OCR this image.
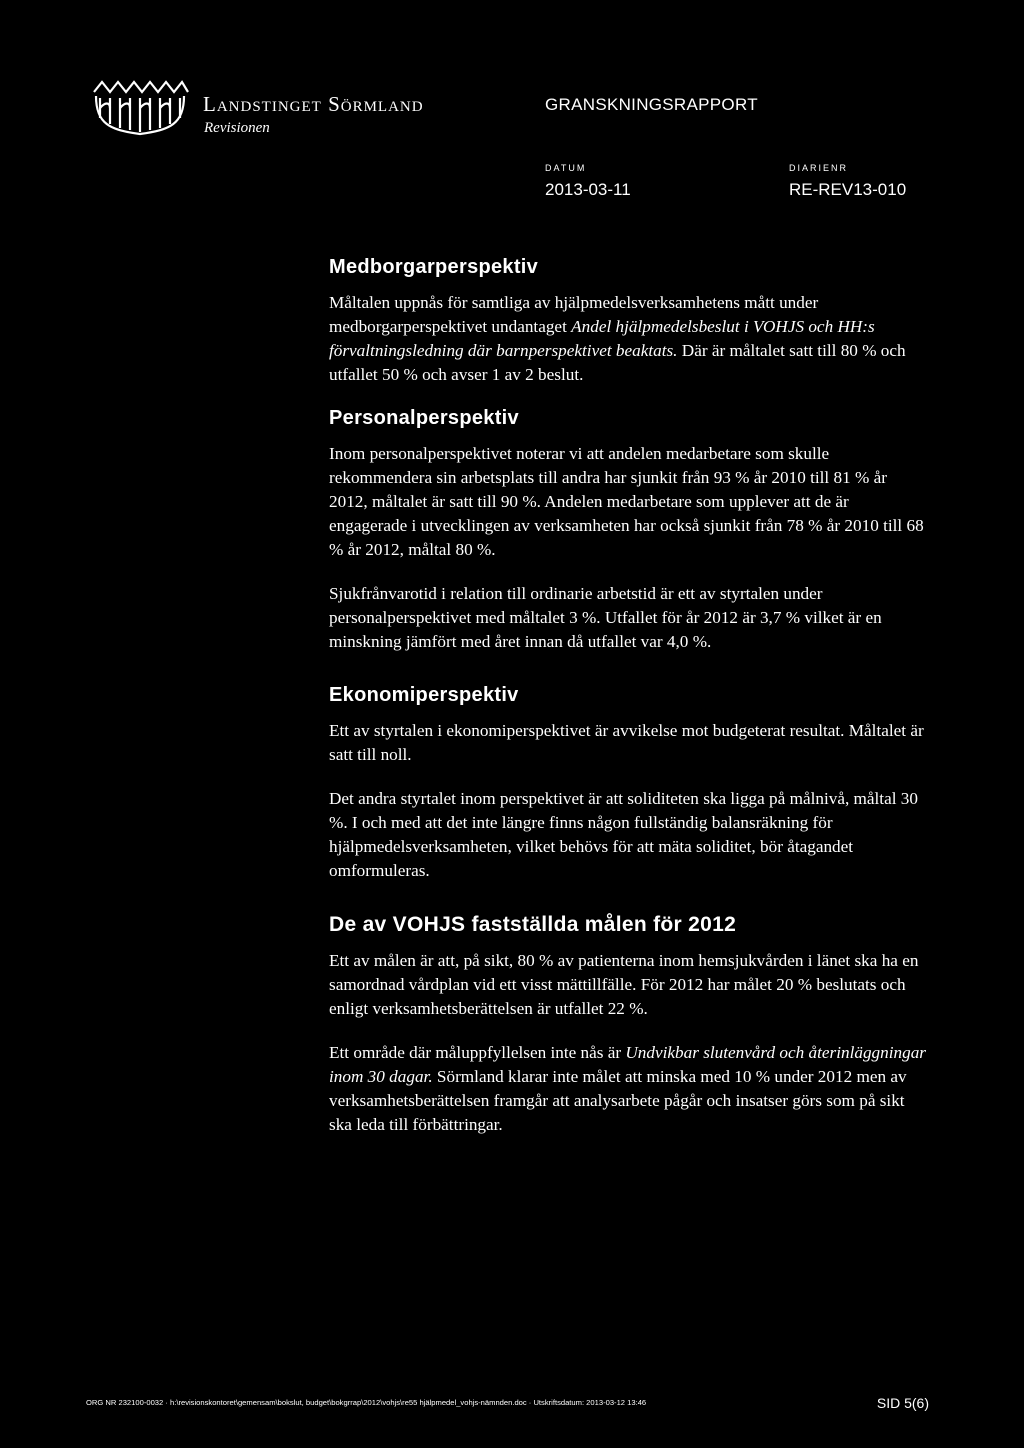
Landstinget Sörmland
Revisionen
GRANSKNINGSRAPPORT
DATUM
2013-03-11
DIARIENR
RE-REV13-010
Medborgarperspektiv

Måltalen uppnås för samtliga av hjälpmedelsverksamhetens mått under medborgarperspektivet undantaget Andel hjälpmedelsbeslut i VOHJS och HH:s förvaltningsledning där barnperspektivet beaktats. Där är måltalet satt till 80 % och utfallet 50 % och avser 1 av 2 beslut.

Personalperspektiv

Inom personalperspektivet noterar vi att andelen medarbetare som skulle rekommendera sin arbetsplats till andra har sjunkit från 93 % år 2010 till 81 % år 2012, måltalet är satt till 90 %. Andelen medarbetare som upplever att de är engagerade i utvecklingen av verksamheten har också sjunkit från 78 % år 2010 till 68 % år 2012, måltal 80 %.

Sjukfrånvarotid i relation till ordinarie arbetstid är ett av styrtalen under personalperspektivet med måltalet 3 %. Utfallet för år 2012 är 3,7 % vilket är en minskning jämfört med året innan då utfallet var 4,0 %.

Ekonomiperspektiv

Ett av styrtalen i ekonomiperspektivet är avvikelse mot budgeterat resultat. Måltalet är satt till noll.

Det andra styrtalet inom perspektivet är att soliditeten ska ligga på målnivå, måltal 30 %. I och med att det inte längre finns någon fullständig balansräkning för hjälpmedelsverksamheten, vilket behövs för att mäta soliditet, bör åtagandet omformuleras.

De av VOHJS fastställda målen för 2012

Ett av målen är att, på sikt, 80 % av patienterna inom hemsjukvården i länet ska ha en samordnad vårdplan vid ett visst mättillfälle. För 2012 har målet 20 % beslutats och enligt verksamhetsberättelsen är utfallet 22 %.

Ett område där måluppfyllelsen inte nås är Undvikbar slutenvård och återinläggningar inom 30 dagar. Sörmland klarar inte målet att minska med 10 % under 2012 men av verksamhetsberättelsen framgår att analysarbete pågår och insatser görs som på sikt ska leda till förbättringar.

ORG NR 232100-0032 · h:\revisionskontoret\gemensam\bokslut, budget\bokgrrap\2012\vohjs\re55 hjälpmedel_vohjs-nämnden.doc · Utskriftsdatum: 2013-03-12 13:46	SID 5(6)
